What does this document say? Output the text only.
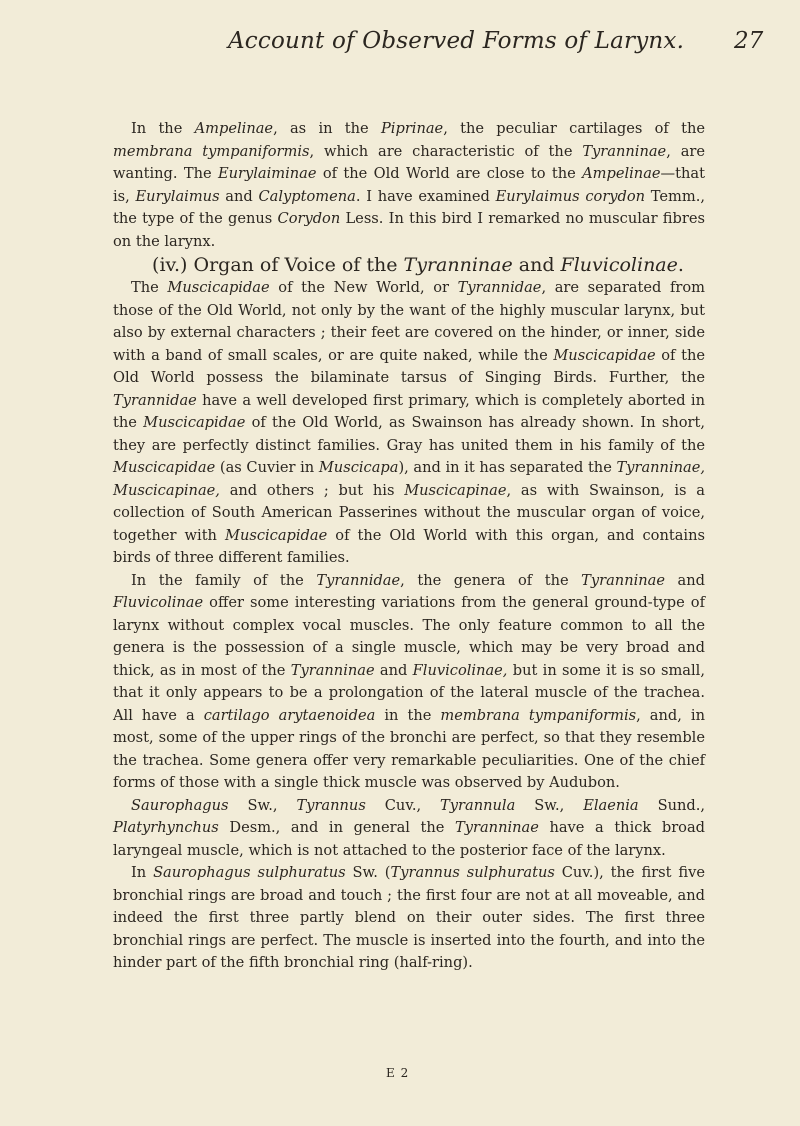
Account of Observed Forms of Larynx. 27

In the Ampelinae, as in the Piprinae, the peculiar cartilages of the membrana tympaniformis, which are characteristic of the Tyranninae, are wanting. The Eurylaiminae of the Old World are close to the Ampelinae—that is, Eurylaimus and Calyptomena. I have examined Eurylaimus corydon Temm., the type of the genus Corydon Less. In this bird I remarked no muscular fibres on the larynx.

(iv.) Organ of Voice of the Tyranninae and Fluvicolinae.

The Muscicapidae of the New World, or Tyrannidae, are separated from those of the Old World, not only by the want of the highly muscular larynx, but also by external characters ; their feet are covered on the hinder, or inner, side with a band of small scales, or are quite naked, while the Muscicapidae of the Old World possess the bilaminate tarsus of Singing Birds. Further, the Tyrannidae have a well developed first primary, which is completely aborted in the Muscicapidae of the Old World, as Swainson has already shown. In short, they are perfectly distinct families. Gray has united them in his family of the Muscicapidae (as Cuvier in Muscicapa), and in it has separated the Tyranninae, Muscicapinae, and others ; but his Muscicapinae, as with Swainson, is a collection of South American Passerines without the muscular organ of voice, together with Muscicapidae of the Old World with this organ, and contains birds of three different families.

In the family of the Tyrannidae, the genera of the Tyranninae and Fluvicolinae offer some interesting variations from the general ground-type of larynx without complex vocal muscles. The only feature common to all the genera is the possession of a single muscle, which may be very broad and thick, as in most of the Tyranninae and Fluvicolinae, but in some it is so small, that it only appears to be a prolongation of the lateral muscle of the trachea. All have a cartilago arytaenoidea in the membrana tympaniformis, and, in most, some of the upper rings of the bronchi are perfect, so that they resemble the trachea. Some genera offer very remarkable peculiarities. One of the chief forms of those with a single thick muscle was observed by Audubon.

Saurophagus Sw., Tyrannus Cuv., Tyrannula Sw., Elaenia Sund., Platyrhynchus Desm., and in general the Tyranninae have a thick broad laryngeal muscle, which is not attached to the posterior face of the larynx.

In Saurophagus sulphuratus Sw. (Tyrannus sulphuratus Cuv.), the first five bronchial rings are broad and touch ; the first four are not at all moveable, and indeed the first three partly blend on their outer sides. The first three bronchial rings are perfect. The muscle is inserted into the fourth, and into the hinder part of the fifth bronchial ring (half-ring).

E 2
